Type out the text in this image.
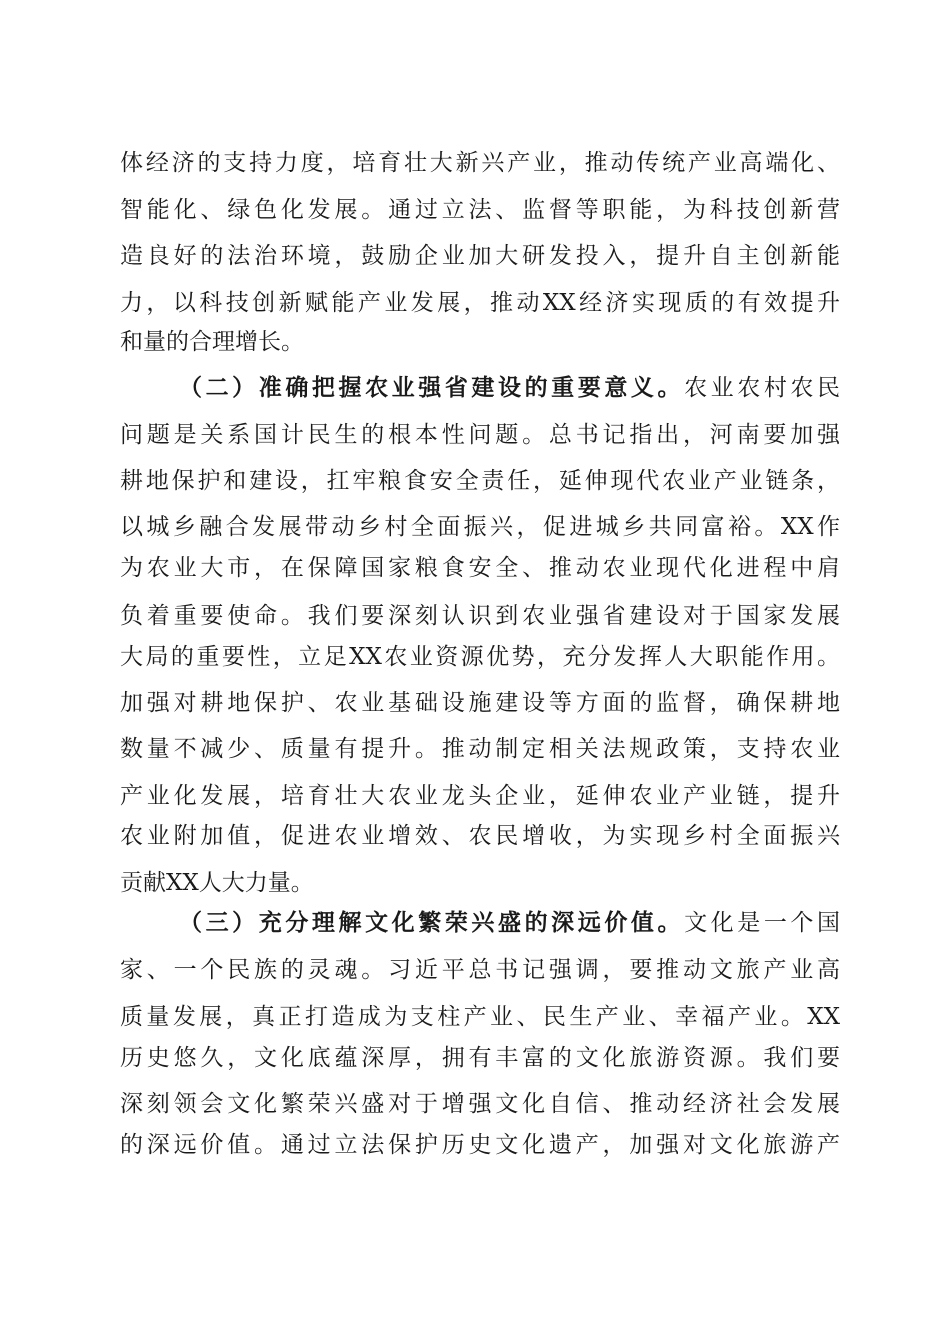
体经济的支持力度，培育壮大新兴产业，推动传统产业高端化、
智能化、绿色化发展。通过立法、监督等职能，为科技创新营
造良好的法治环境，鼓励企业加大研发投入，提升自主创新能
力，以科技创新赋能产业发展，推动XX经济实现质的有效提升
和量的合理增长。
（二）准确把握农业强省建设的重要意义。农业农村农民
问题是关系国计民生的根本性问题。总书记指出，河南要加强
耕地保护和建设，扛牢粮食安全责任，延伸现代农业产业链条，
以城乡融合发展带动乡村全面振兴，促进城乡共同富裕。XX作
为农业大市，在保障国家粮食安全、推动农业现代化进程中肩
负着重要使命。我们要深刻认识到农业强省建设对于国家发展
大局的重要性，立足XX农业资源优势，充分发挥人大职能作用。
加强对耕地保护、农业基础设施建设等方面的监督，确保耕地
数量不减少、质量有提升。推动制定相关法规政策，支持农业
产业化发展，培育壮大农业龙头企业，延伸农业产业链，提升
农业附加值，促进农业增效、农民增收，为实现乡村全面振兴
贡献XX人大力量。
（三）充分理解文化繁荣兴盛的深远价值。文化是一个国
家、一个民族的灵魂。习近平总书记强调，要推动文旅产业高
质量发展，真正打造成为支柱产业、民生产业、幸福产业。XX
历史悠久，文化底蕴深厚，拥有丰富的文化旅游资源。我们要
深刻领会文化繁荣兴盛对于增强文化自信、推动经济社会发展
的深远价值。通过立法保护历史文化遗产，加强对文化旅游产
